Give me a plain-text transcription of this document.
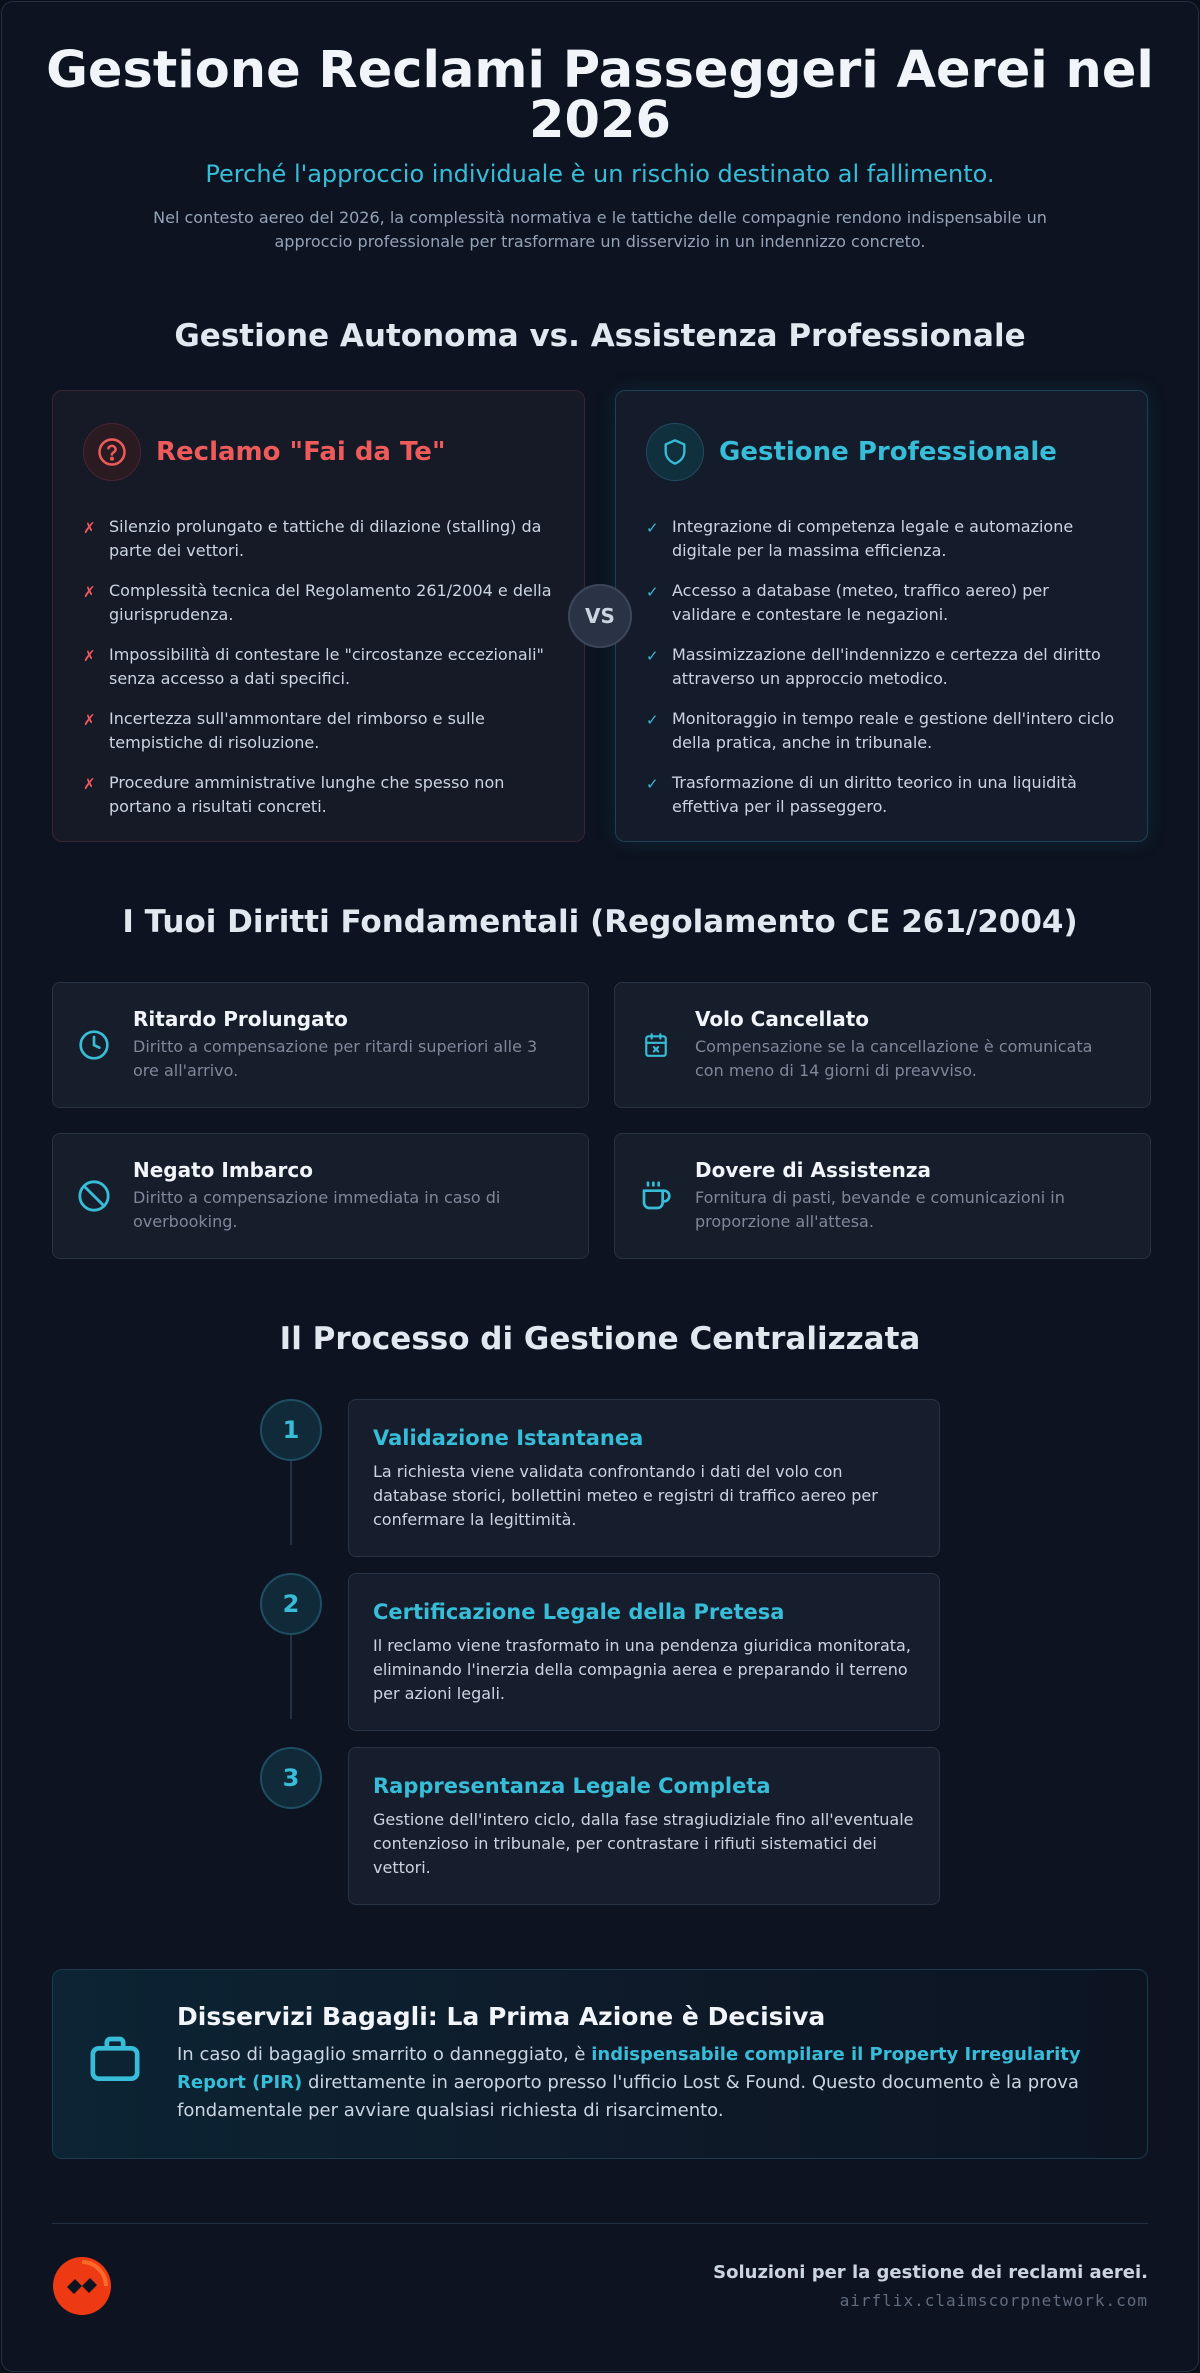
Gestione Reclami Passeggeri Aerei nel 2026
Perché l'approccio individuale è un rischio destinato al fallimento.

Nel contesto aereo del 2026, la complessità normativa e le tattiche delle compagnie rendono indispensabile un approccio professionale per trasformare un disservizio in un indennizzo concreto.

Gestione Autonoma vs. Assistenza Professionale
Reclamo "Fai da Te"
✗ Silenzio prolungato e tattiche di dilazione (stalling) da parte dei vettori.
✗ Complessità tecnica del Regolamento 261/2004 e della giurisprudenza.
✗ Impossibilità di contestare le "circostanze eccezionali" senza accesso a dati specifici.
✗ Incertezza sull'ammontare del rimborso e sulle tempistiche di risoluzione.
✗ Procedure amministrative lunghe che spesso non portano a risultati concreti.
VS
Gestione Professionale
✓ Integrazione di competenza legale e automazione digitale per la massima efficienza.
✓ Accesso a database (meteo, traffico aereo) per validare e contestare le negazioni.
✓ Massimizzazione dell'indennizzo e certezza del diritto attraverso un approccio metodico.
✓ Monitoraggio in tempo reale e gestione dell'intero ciclo della pratica, anche in tribunale.
✓ Trasformazione di un diritto teorico in una liquidità effettiva per il passeggero.
I Tuoi Diritti Fondamentali (Regolamento CE 261/2004)
Ritardo Prolungato

Diritto a compensazione per ritardi superiori alle 3 ore all'arrivo.

Volo Cancellato

Compensazione se la cancellazione è comunicata con meno di 14 giorni di preavviso.

Negato Imbarco

Diritto a compensazione immediata in caso di overbooking.

Dovere di Assistenza

Fornitura di pasti, bevande e comunicazioni in proporzione all'attesa.

Il Processo di Gestione Centralizzata
1	Validazione Istantanea

La richiesta viene validata confrontando i dati del volo con database storici, bollettini meteo e registri di traffico aereo per confermare la legittimità.

2	Certificazione Legale della Pretesa

Il reclamo viene trasformato in una pendenza giuridica monitorata, eliminando l'inerzia della compagnia aerea e preparando il terreno per azioni legali.

3	Rappresentanza Legale Completa

Gestione dell'intero ciclo, dalla fase stragiudiziale fino all'eventuale contenzioso in tribunale, per contrastare i rifiuti sistematici dei vettori.

Disservizi Bagagli: La Prima Azione è Decisiva

In caso di bagaglio smarrito o danneggiato, è indispensabile compilare il Property Irregularity Report (PIR) direttamente in aeroporto presso l'ufficio Lost & Found. Questo documento è la prova fondamentale per avviare qualsiasi richiesta di risarcimento.

Soluzioni per la gestione dei reclami aerei.
airflix.claimscorpnetwork.com
